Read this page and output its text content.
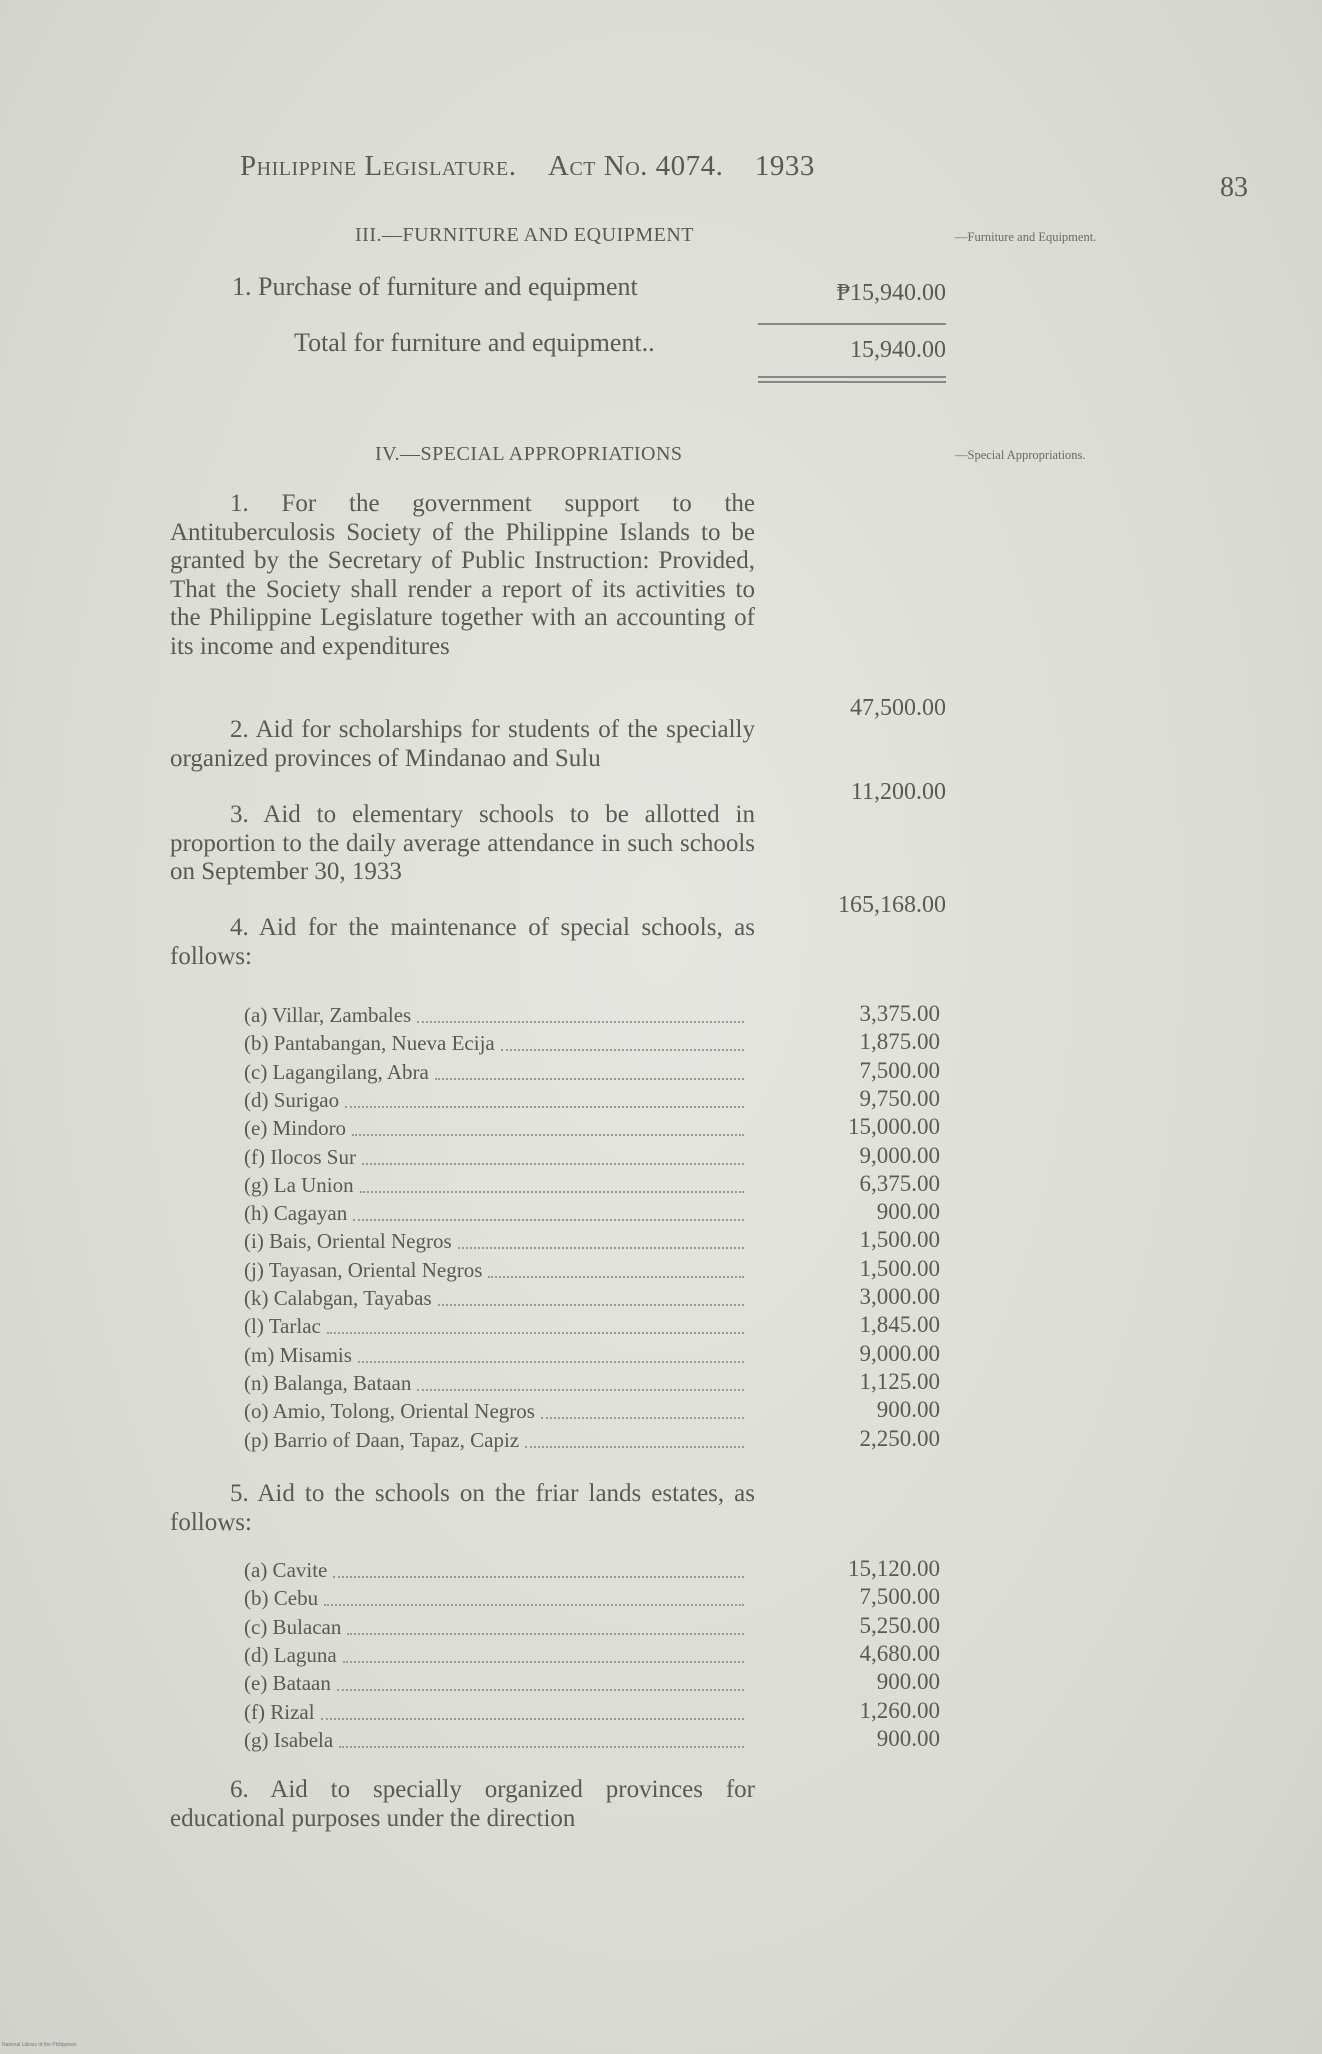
Philippine Legislature. Act No. 4074. 1933
83
III.—FURNITURE AND EQUIPMENT	—Furniture and Equipment.
1. Purchase of furniture and equipment	₱15,940.00
Total for furniture and equipment..	15,940.00
IV.—SPECIAL APPROPRIATIONS	—Special Appropriations.
1. For the government support to the Antituberculosis Society of the Philippine Islands to be granted by the Secretary of Public Instruction: Provided, That the Society shall render a report of its activities to the Philippine Legislature together with an accounting of its income and expenditures
47,500.00
2. Aid for scholarships for students of the specially organized provinces of Mindanao and Sulu
11,200.00
3. Aid to elementary schools to be allotted in proportion to the daily average attendance in such schools on September 30, 1933
165,168.00
4. Aid for the maintenance of special schools, as follows:
(a) Villar, Zambales	3,375.00
(b) Pantabangan, Nueva Ecija	1,875.00
(c) Lagangilang, Abra	7,500.00
(d) Surigao	9,750.00
(e) Mindoro	15,000.00
(f) Ilocos Sur	9,000.00
(g) La Union	6,375.00
(h) Cagayan	900.00
(i) Bais, Oriental Negros	1,500.00
(j) Tayasan, Oriental Negros	1,500.00
(k) Calabgan, Tayabas	3,000.00
(l) Tarlac	1,845.00
(m) Misamis	9,000.00
(n) Balanga, Bataan	1,125.00
(o) Amio, Tolong, Oriental Negros	900.00
(p) Barrio of Daan, Tapaz, Capiz	2,250.00
5. Aid to the schools on the friar lands estates, as follows:
(a) Cavite	15,120.00
(b) Cebu	7,500.00
(c) Bulacan	5,250.00
(d) Laguna	4,680.00
(e) Bataan	900.00
(f) Rizal	1,260.00
(g) Isabela	900.00
6. Aid to specially organized provinces for educational purposes under the direction
National Library of the Philippines
